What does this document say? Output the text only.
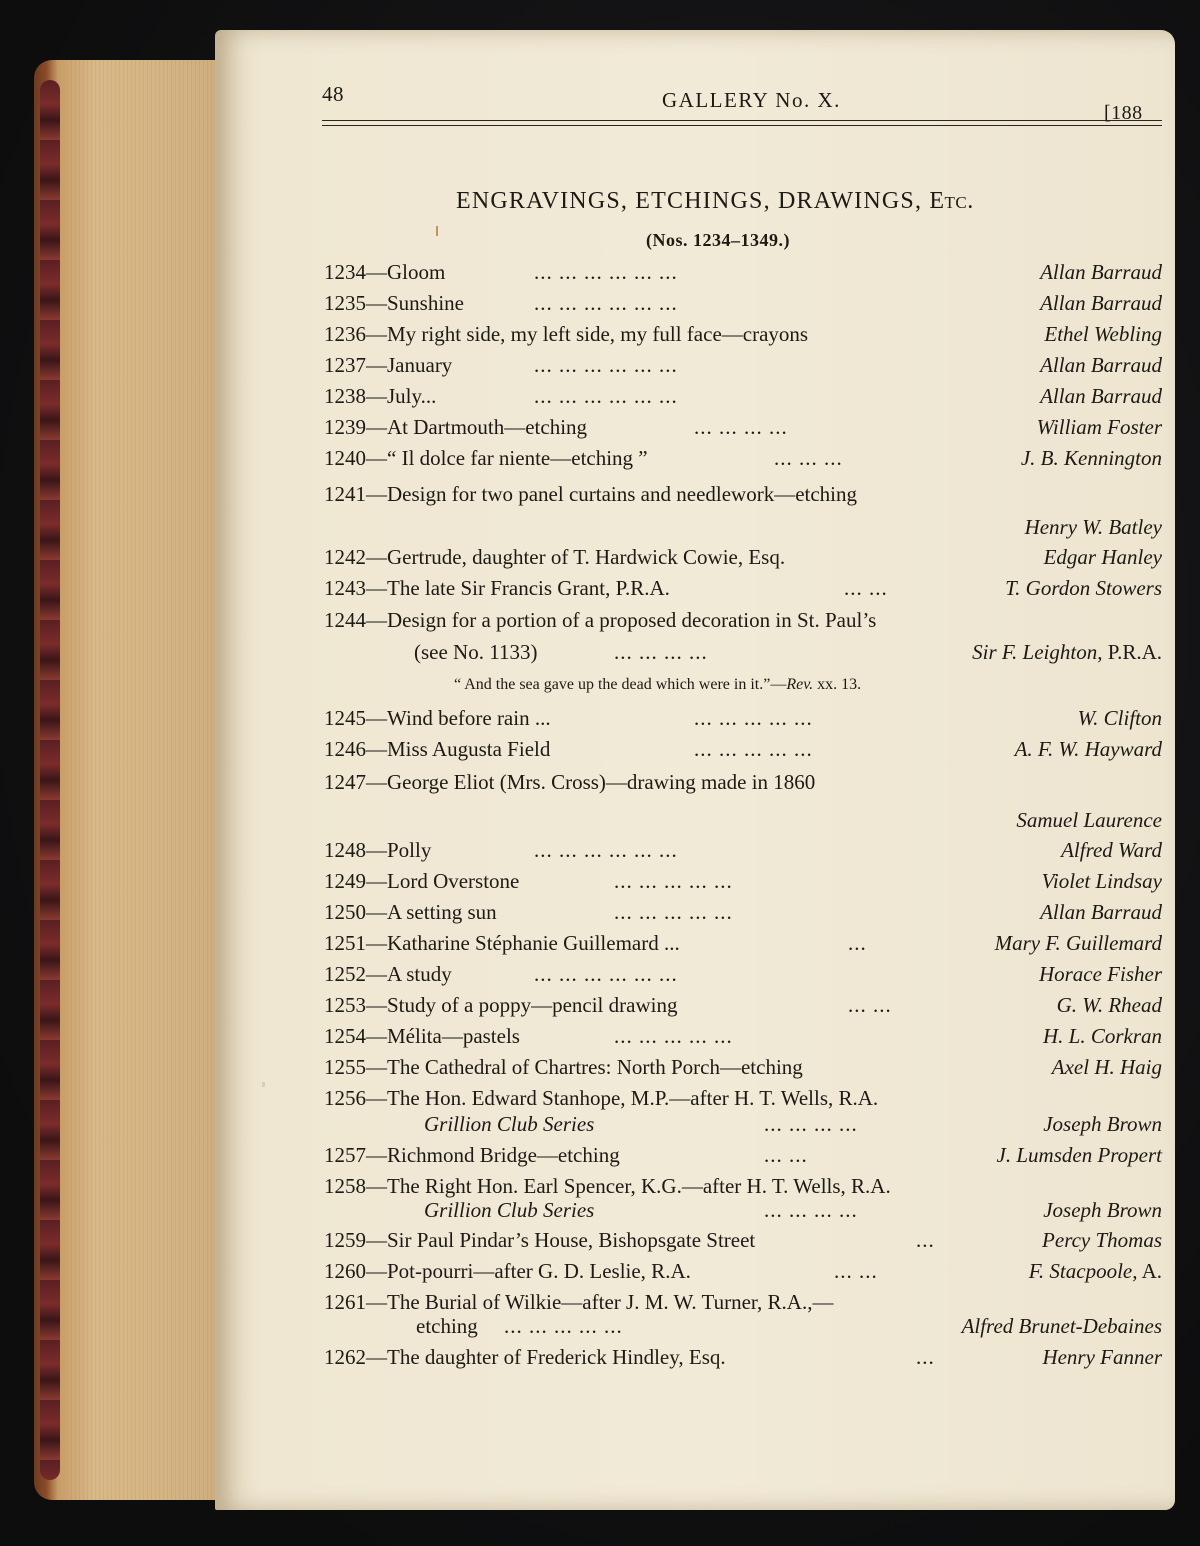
48	GALLERY No. X.
[188
ENGRAVINGS, ETCHINGS, DRAWINGS, Etc.
(Nos. 1234–1349.)
1234—Gloom	... ... ... ... ... ...	Allan Barraud
1235—Sunshine	... ... ... ... ... ...	Allan Barraud
1236—My right side, my left side, my full face—crayons	Ethel Webling
1237—January	... ... ... ... ... ...	Allan Barraud
1238—July...	... ... ... ... ... ...	Allan Barraud
1239—At Dartmouth—etching	... ... ... ...	William Foster
1240—“ Il dolce far niente—etching ”	... ... ...	J. B. Kennington
1241—Design for two panel curtains and needlework—etching
Henry W. Batley
1242—Gertrude, daughter of T. Hardwick Cowie, Esq.	Edgar Hanley
1243—The late Sir Francis Grant, P.R.A.	... ...	T. Gordon Stowers
1244—Design for a portion of a proposed decoration in St. Paul’s
(see No. 1133)	... ... ... ...	Sir F. Leighton, P.R.A.
“ And the sea gave up the dead which were in it.”—Rev. xx. 13.
1245—Wind before rain ...	... ... ... ... ...	W. Clifton
1246—Miss Augusta Field	... ... ... ... ...	A. F. W. Hayward
1247—George Eliot (Mrs. Cross)—drawing made in 1860
Samuel Laurence
1248—Polly	... ... ... ... ... ...	Alfred Ward
1249—Lord Overstone	... ... ... ... ...	Violet Lindsay
1250—A setting sun	... ... ... ... ...	Allan Barraud
1251—Katharine Stéphanie Guillemard ...	...	Mary F. Guillemard
1252—A study	... ... ... ... ... ...	Horace Fisher
1253—Study of a poppy—pencil drawing	... ...	G. W. Rhead
1254—Mélita—pastels	... ... ... ... ...	H. L. Corkran
1255—The Cathedral of Chartres: North Porch—etching	Axel H. Haig
1256—The Hon. Edward Stanhope, M.P.—after H. T. Wells, R.A.
Grillion Club Series	... ... ... ...	Joseph Brown
1257—Richmond Bridge—etching	... ...	J. Lumsden Propert
1258—The Right Hon. Earl Spencer, K.G.—after H. T. Wells, R.A.
Grillion Club Series	... ... ... ...	Joseph Brown
1259—Sir Paul Pindar’s House, Bishopsgate Street	...	Percy Thomas
1260—Pot-pourri—after G. D. Leslie, R.A.	... ...	F. Stacpoole, A.
1261—The Burial of Wilkie—after J. M. W. Turner, R.A.,—
etching ... ... ... ... ...	Alfred Brunet-Debaines
1262—The daughter of Frederick Hindley, Esq.	...	Henry Fanner
